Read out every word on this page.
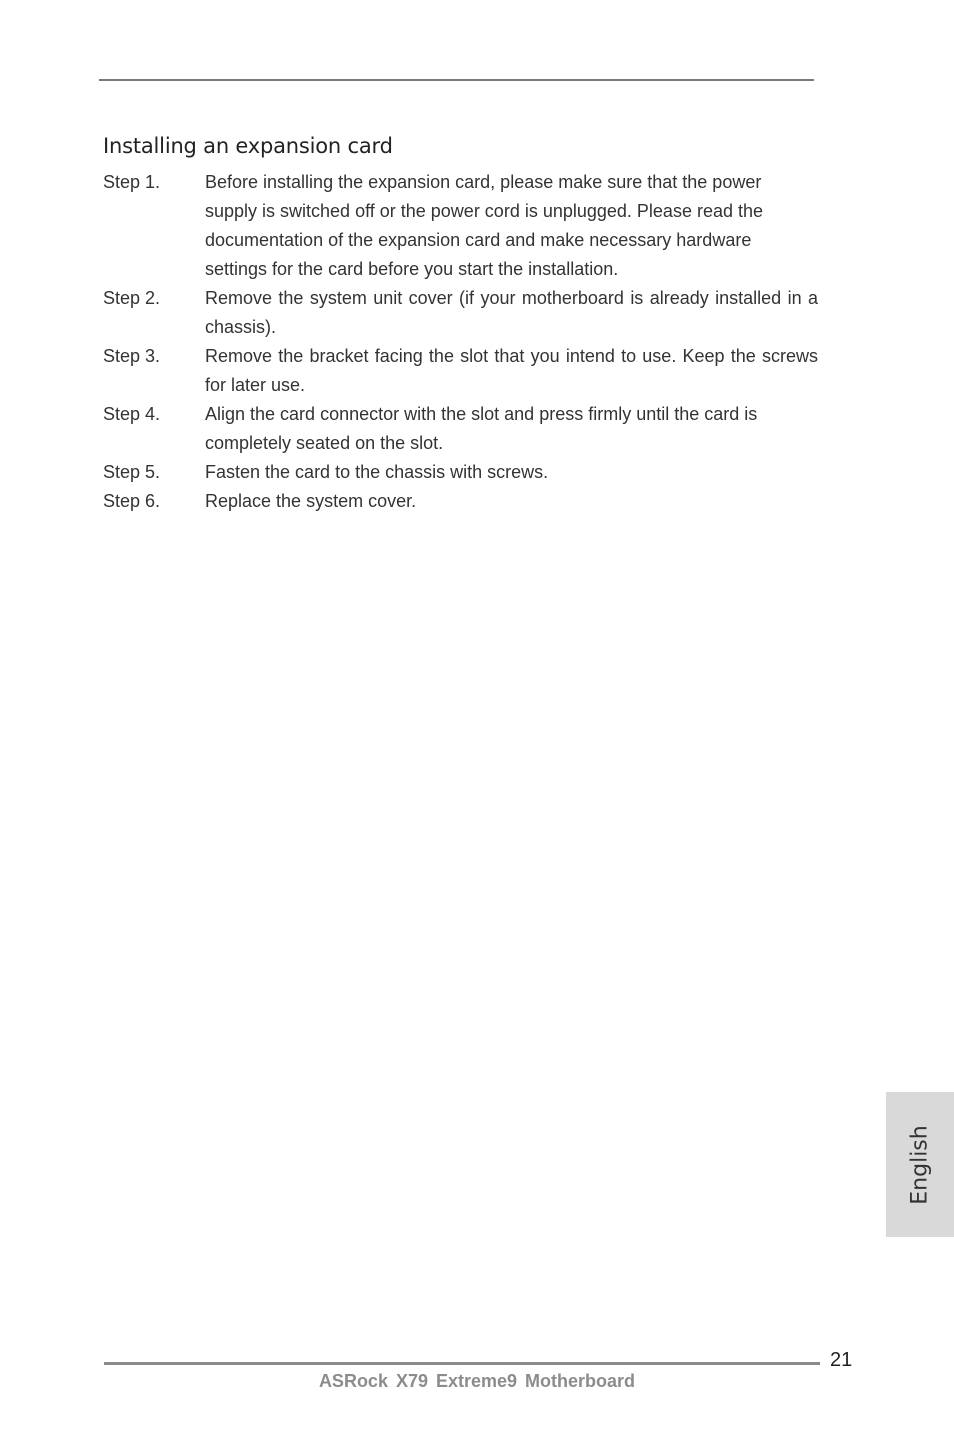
Installing an expansion card
Step 1.	Before installing the expansion card, please make sure that the power supply is switched off or the power cord is unplugged. Please read the documentation of the expansion card and make necessary hardware settings for the card before you start the installation.
Step 2.	Remove the system unit cover (if your motherboard is already installed in a chassis).
Step 3.	Remove the bracket facing the slot that you intend to use. Keep the screws for later use.
Step 4.	Align the card connector with the slot and press firmly until the card is completely seated on the slot.
Step 5.	Fasten the card to the chassis with screws.
Step 6.	Replace the system cover.
English
21
ASRock X79 Extreme9 Motherboard
